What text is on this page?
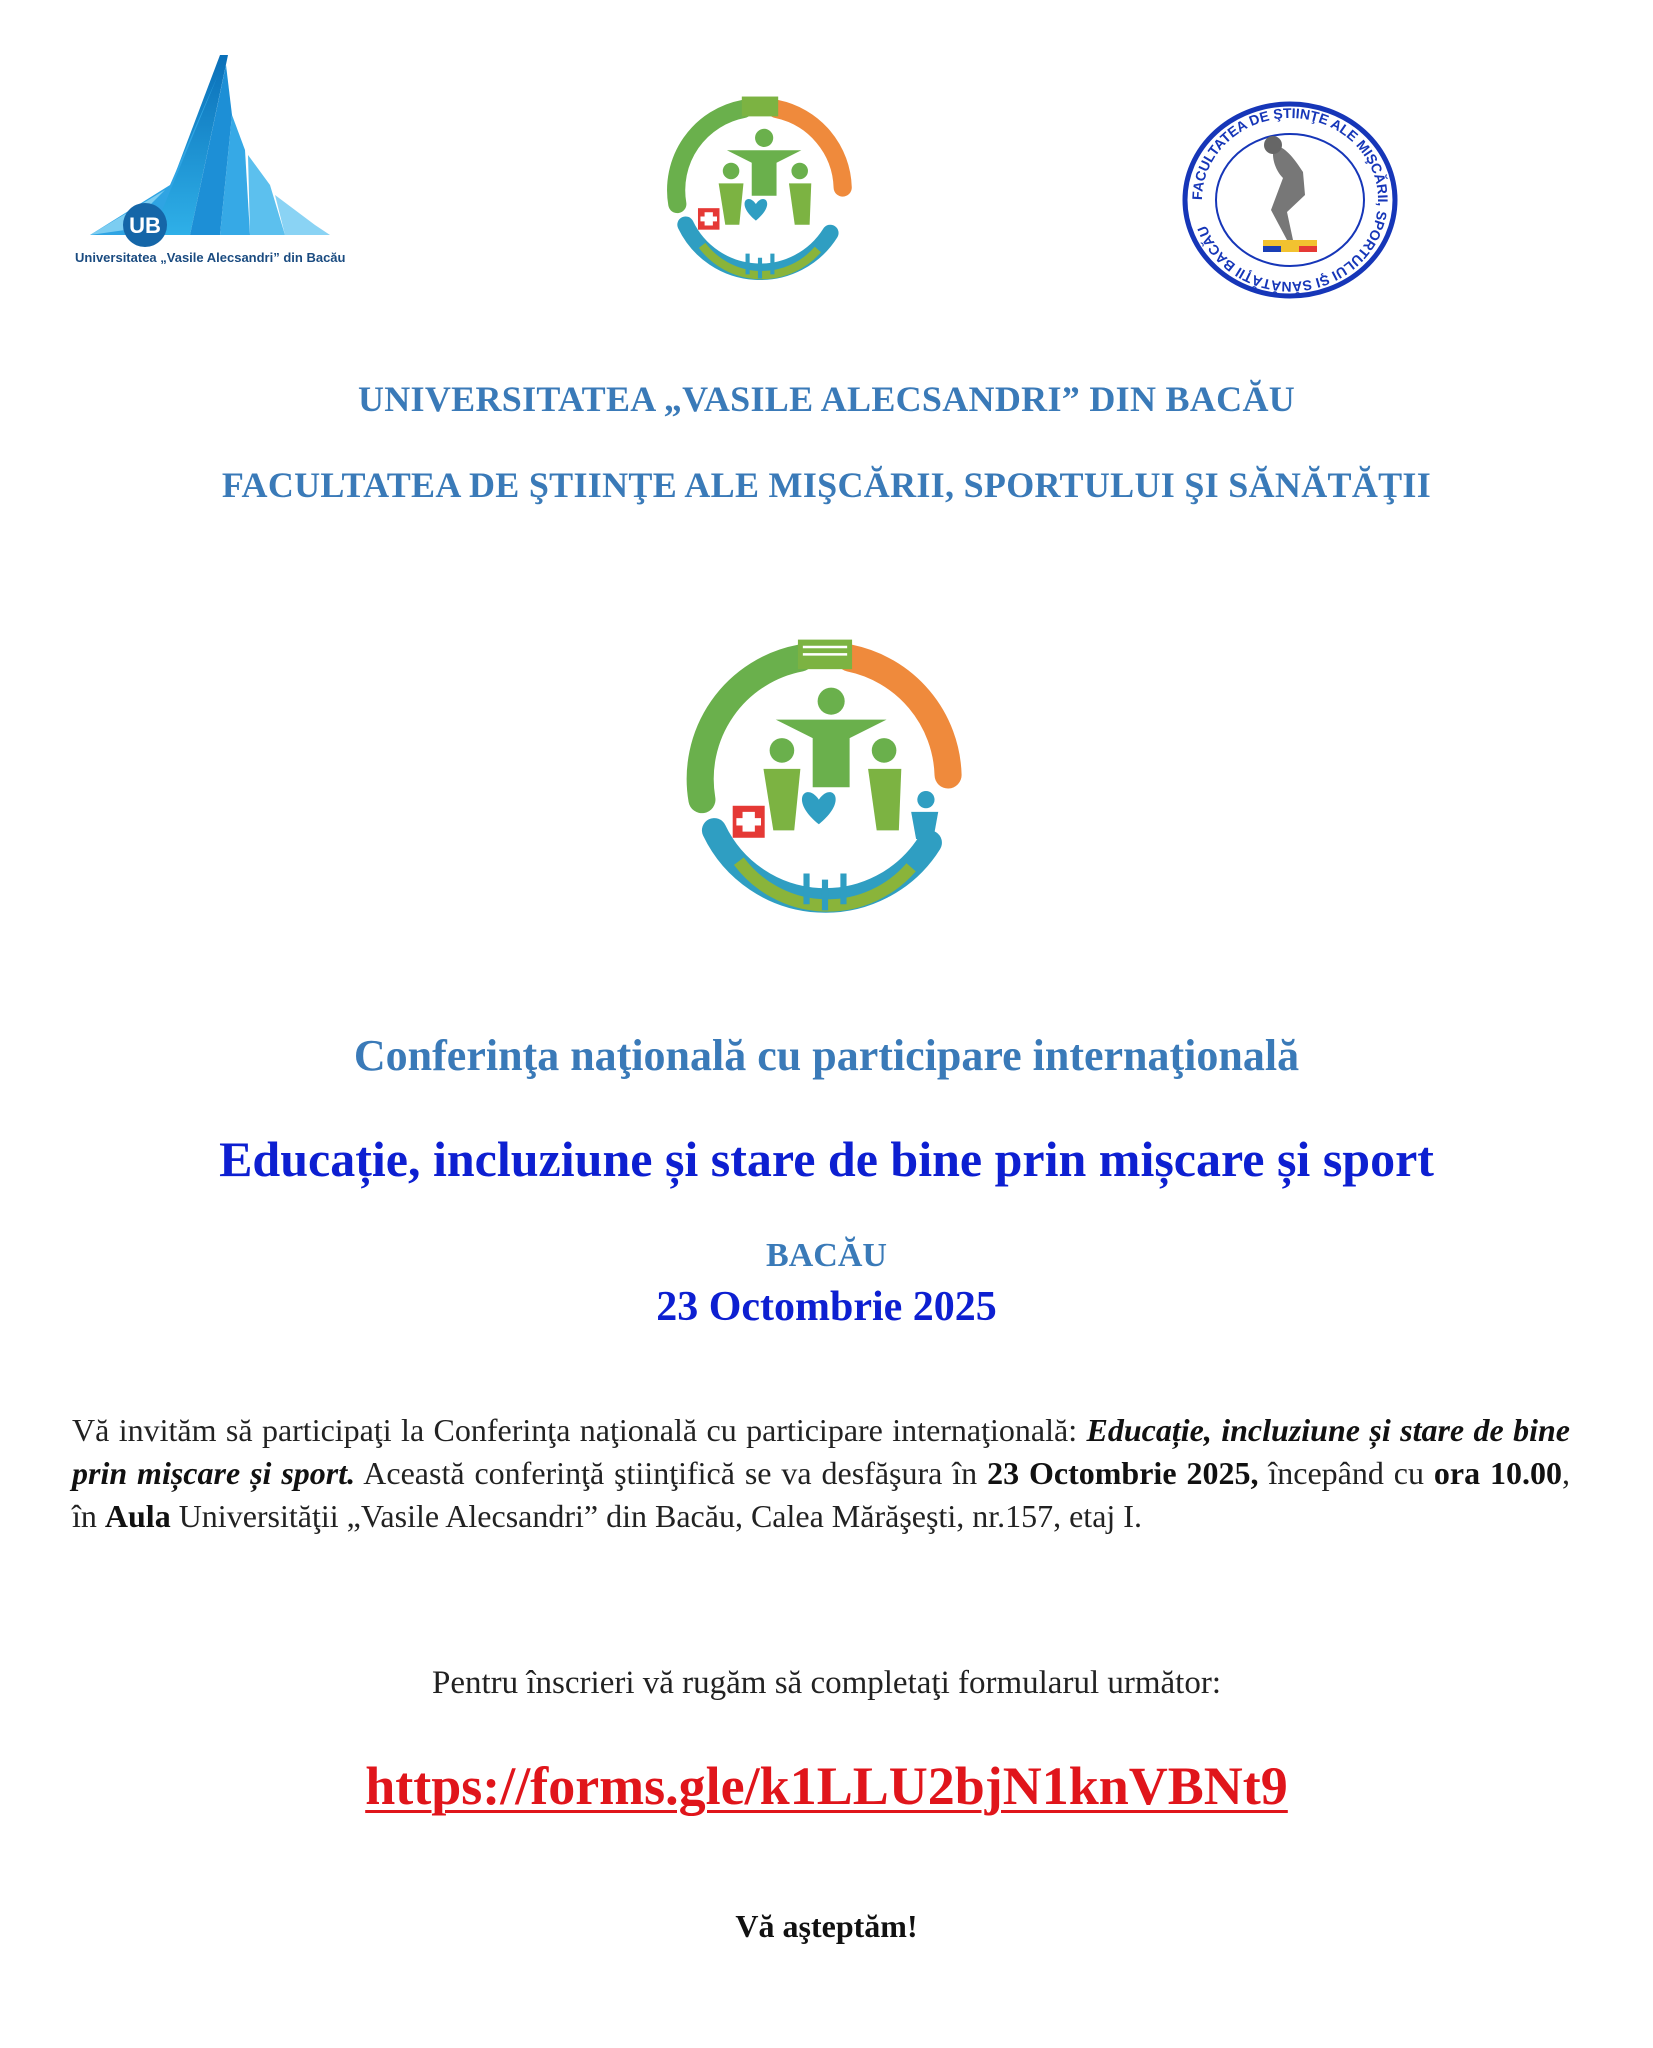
UB
Universitatea „Vasile Alecsandri” din Bacău
FACULTATEA DE ŞTIINŢE ALE MIŞCĂRII, SPORTULUI ŞI SĂNĂTĂŢII BACĂU
UNIVERSITATEA „VASILE ALECSANDRI” DIN BACĂU
FACULTATEA DE ŞTIINŢE ALE MIŞCĂRII, SPORTULUI ŞI SĂNĂTĂŢII
Conferinţa naţională cu participare internaţională
Educație, incluziune și stare de bine prin mișcare și sport
BACĂU
23 Octombrie 2025
Vă invităm să participaţi la Conferinţa naţională cu participare internaţională: Educație, incluziune și stare de bine prin mișcare și sport. Această conferinţă ştiinţifică se va desfăşura în 23 Octombrie 2025, începând cu ora 10.00, în Aula Universităţii „Vasile Alecsandri” din Bacău, Calea Mărăşeşti, nr.157, etaj I.
Pentru înscrieri vă rugăm să completaţi formularul următor:
https://forms.gle/k1LLU2bjN1knVBNt9
Vă aşteptăm!
